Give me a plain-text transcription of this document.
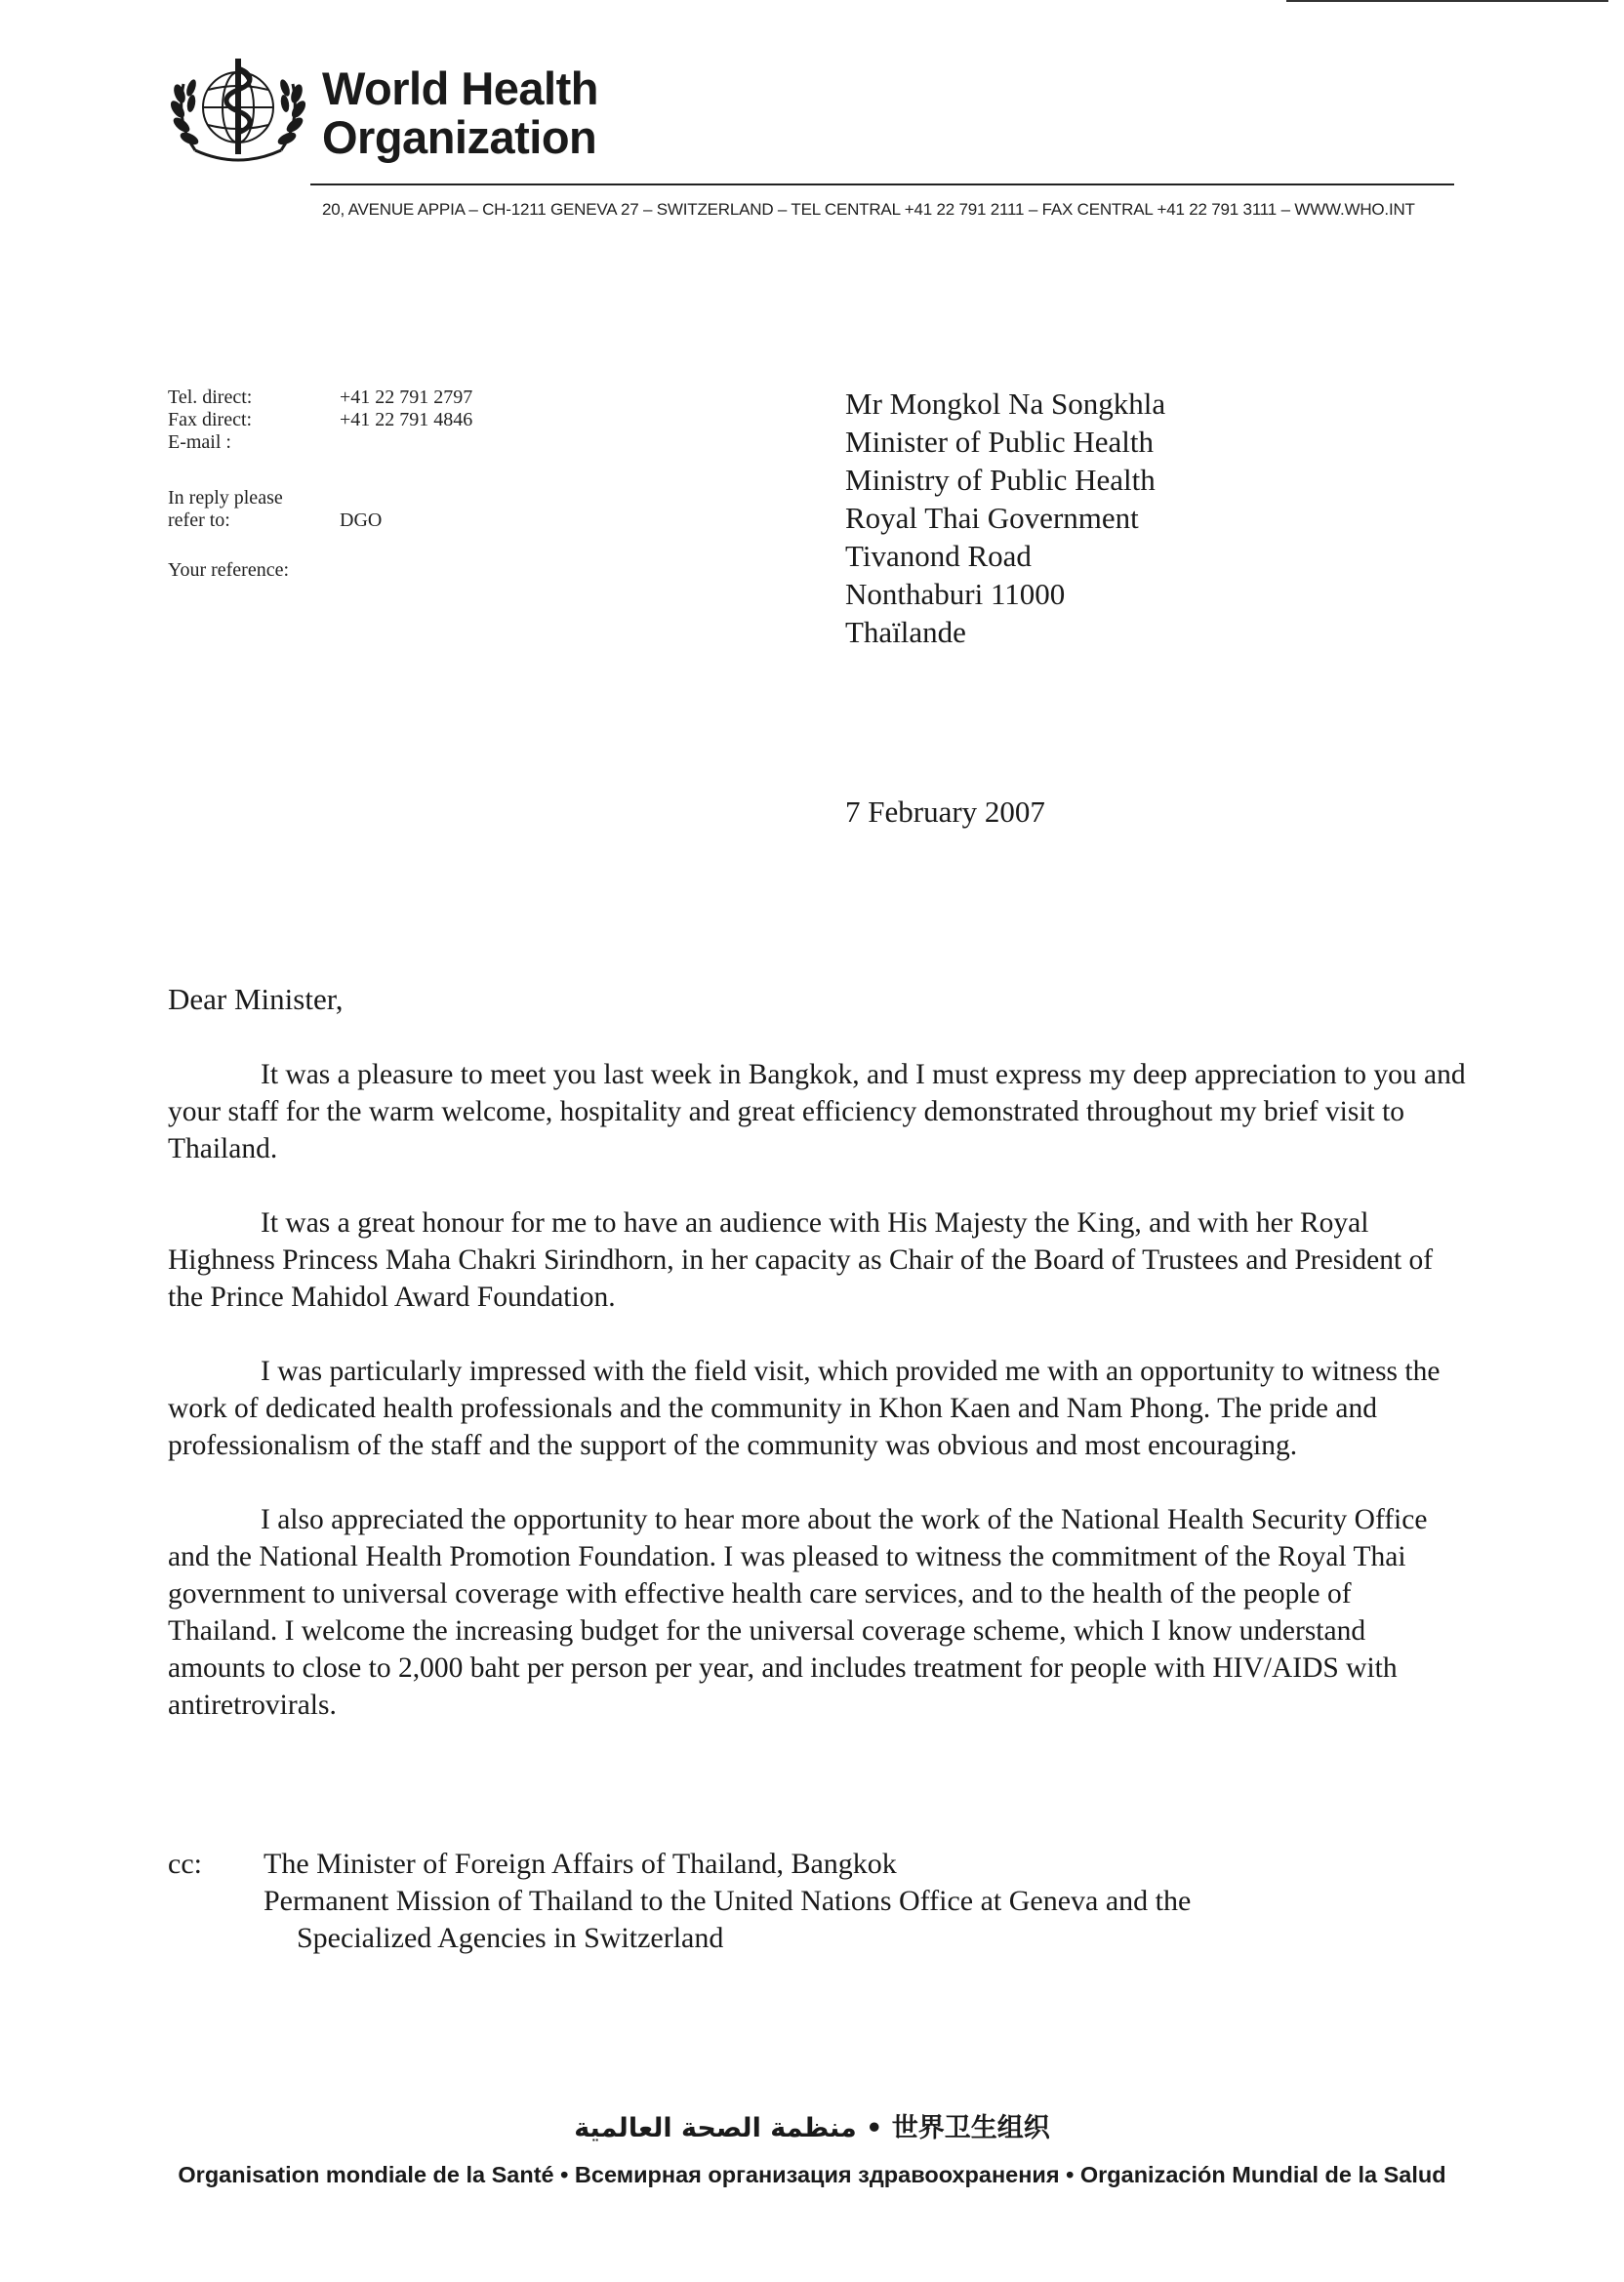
World Health
Organization
20, AVENUE APPIA – CH-1211 GENEVA 27 – SWITZERLAND – TEL CENTRAL +41 22 791 2111 – FAX CENTRAL +41 22 791 3111 – WWW.WHO.INT
Tel. direct:	+41 22 791 2797
Fax direct:	+41 22 791 4846
E-mail :
In reply please
refer to:	DGO
Your reference:
Mr Mongkol Na Songkhla
Minister of Public Health
Ministry of Public Health
Royal Thai Government
Tivanond Road
Nonthaburi 11000
Thaïlande
7 February 2007
Dear Minister,

It was a pleasure to meet you last week in Bangkok, and I must express my deep appreciation to you and your staff for the warm welcome, hospitality and great efficiency demonstrated throughout my brief visit to Thailand.

It was a great honour for me to have an audience with His Majesty the King, and with her Royal Highness Princess Maha Chakri Sirindhorn, in her capacity as Chair of the Board of Trustees and President of the Prince Mahidol Award Foundation.

I was particularly impressed with the field visit, which provided me with an opportunity to witness the work of dedicated health professionals and the community in Khon Kaen and Nam Phong. The pride and professionalism of the staff and the support of the community was obvious and most encouraging.

I also appreciated the opportunity to hear more about the work of the National Health Security Office and the National Health Promotion Foundation. I was pleased to witness the commitment of the Royal Thai government to universal coverage with effective health care services, and to the health of the people of Thailand. I welcome the increasing budget for the universal coverage scheme, which I know understand amounts to close to 2,000 baht per person per year, and includes treatment for people with HIV/AIDS with antiretrovirals.

cc:	The Minister of Foreign Affairs of Thailand, Bangkok
Permanent Mission of Thailand to the United Nations Office at Geneva and the
Specialized Agencies in Switzerland
منظمة الصحة العالمية • 世界卫生组织
Organisation mondiale de la Santé • Всемирная организация здравоохранения • Organización Mundial de la Salud
